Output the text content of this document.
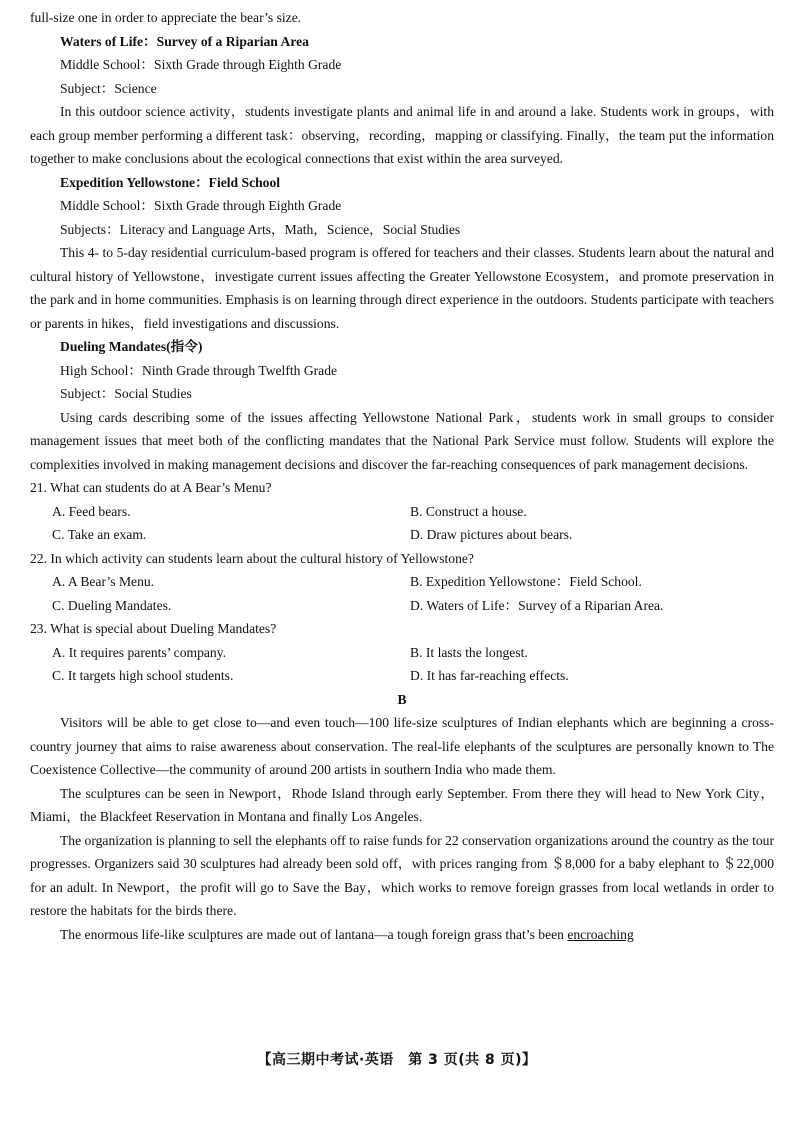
full-size one in order to appreciate the bear’s size.
Waters of Life：Survey of a Riparian Area
Middle School：Sixth Grade through Eighth Grade
Subject：Science

In this outdoor science activity，students investigate plants and animal life in and around a lake. Students work in groups，with each group member performing a different task：observing，recording，mapping or classifying. Finally，the team put the information together to make conclusions about the ecological connections that exist within the area surveyed.

Expedition Yellowstone：Field School
Middle School：Sixth Grade through Eighth Grade
Subjects：Literacy and Language Arts，Math，Science，Social Studies

This 4- to 5-day residential curriculum-based program is offered for teachers and their classes. Students learn about the natural and cultural history of Yellowstone，investigate current issues affecting the Greater Yellowstone Ecosystem，and promote preservation in the park and in home communities. Emphasis is on learning through direct experience in the outdoors. Students participate with teachers or parents in hikes，field investigations and discussions.

Dueling Mandates(指令)
High School：Ninth Grade through Twelfth Grade
Subject：Social Studies

Using cards describing some of the issues affecting Yellowstone National Park，students work in small groups to consider management issues that meet both of the conflicting mandates that the National Park Service must follow. Students will explore the complexities involved in making management decisions and discover the far-reaching consequences of park management decisions.

21. What can students do at A Bear’s Menu?
A. Feed bears.	B. Construct a house.
C. Take an exam.	D. Draw pictures about bears.
22. In which activity can students learn about the cultural history of Yellowstone?
A. A Bear’s Menu.	B. Expedition Yellowstone：Field School.
C. Dueling Mandates.	D. Waters of Life：Survey of a Riparian Area.
23. What is special about Dueling Mandates?
A. It requires parents’ company.	B. It lasts the longest.
C. It targets high school students.	D. It has far-reaching effects.
B

Visitors will be able to get close to—and even touch—100 life-size sculptures of Indian elephants which are beginning a cross-country journey that aims to raise awareness about conservation. The real-life elephants of the sculptures are personally known to The Coexistence Collective—the community of around 200 artists in southern India who made them.

The sculptures can be seen in Newport，Rhode Island through early September. From there they will head to New York City，Miami，the Blackfeet Reservation in Montana and finally Los Angeles.

The organization is planning to sell the elephants off to raise funds for 22 conservation organizations around the country as the tour progresses. Organizers said 30 sculptures had already been sold off，with prices ranging from ＄8,000 for a baby elephant to ＄22,000 for an adult. In Newport，the profit will go to Save the Bay，which works to remove foreign grasses from local wetlands in order to restore the habitats for the birds there.

The enormous life-like sculptures are made out of lantana—a tough foreign grass that’s been encroaching

【高三期中考试·英语　第 3 页(共 8 页)】
